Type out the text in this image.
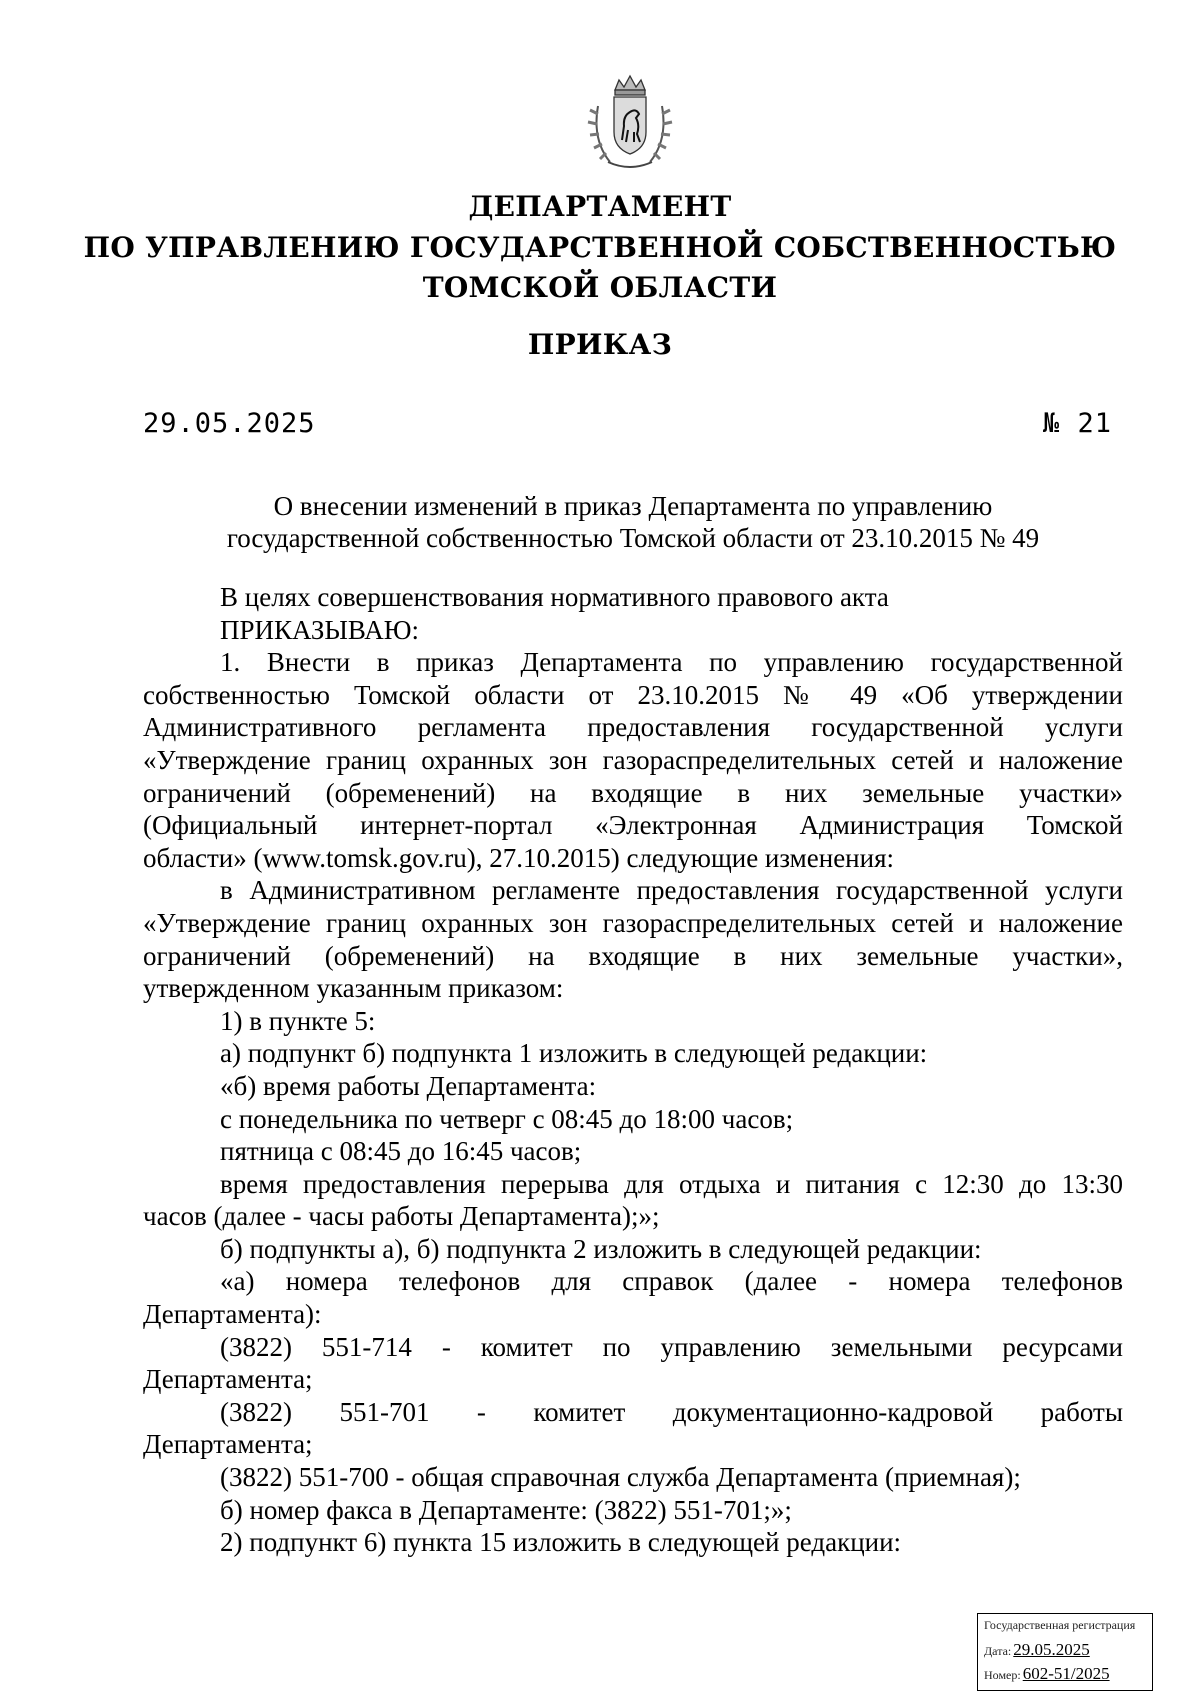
ДЕПАРТАМЕНТ
ПО УПРАВЛЕНИЮ ГОСУДАРСТВЕННОЙ СОБСТВЕННОСТЬЮ
ТОМСКОЙ ОБЛАСТИ
ПРИКАЗ
29.05.2025	№ 21
О внесении изменений в приказ Департамента по управлению
государственной собственностью Томской области от 23.10.2015 № 49
В целях совершенствования нормативного правового акта
ПРИКАЗЫВАЮ:
1. Внести в приказ Департамента по управлению государственной
собственностью Томской области от 23.10.2015 № 49 «Об утверждении
Административного регламента предоставления государственной услуги
«Утверждение границ охранных зон газораспределительных сетей и наложение
ограничений (обременений) на входящие в них земельные участки»
(Официальный интернет-портал «Электронная Администрация Томской
области» (www.tomsk.gov.ru), 27.10.2015) следующие изменения:
в Административном регламенте предоставления государственной услуги
«Утверждение границ охранных зон газораспределительных сетей и наложение
ограничений (обременений) на входящие в них земельные участки»,
утвержденном указанным приказом:
1) в пункте 5:
а) подпункт б) подпункта 1 изложить в следующей редакции:
«б) время работы Департамента:
с понедельника по четверг с 08:45 до 18:00 часов;
пятница с 08:45 до 16:45 часов;
время предоставления перерыва для отдыха и питания с 12:30 до 13:30
часов (далее - часы работы Департамента);»;
б) подпункты а), б) подпункта 2 изложить в следующей редакции:
«а) номера телефонов для справок (далее - номера телефонов
Департамента):
(3822) 551-714 - комитет по управлению земельными ресурсами
Департамента;
(3822) 551-701 - комитет документационно-кадровой работы
Департамента;
(3822) 551-700 - общая справочная служба Департамента (приемная);
б) номер факса в Департаменте: (3822) 551-701;»;
2) подпункт 6) пункта 15 изложить в следующей редакции:
Государственная регистрация
Дата: 29.05.2025
Номер: 602-51/2025
